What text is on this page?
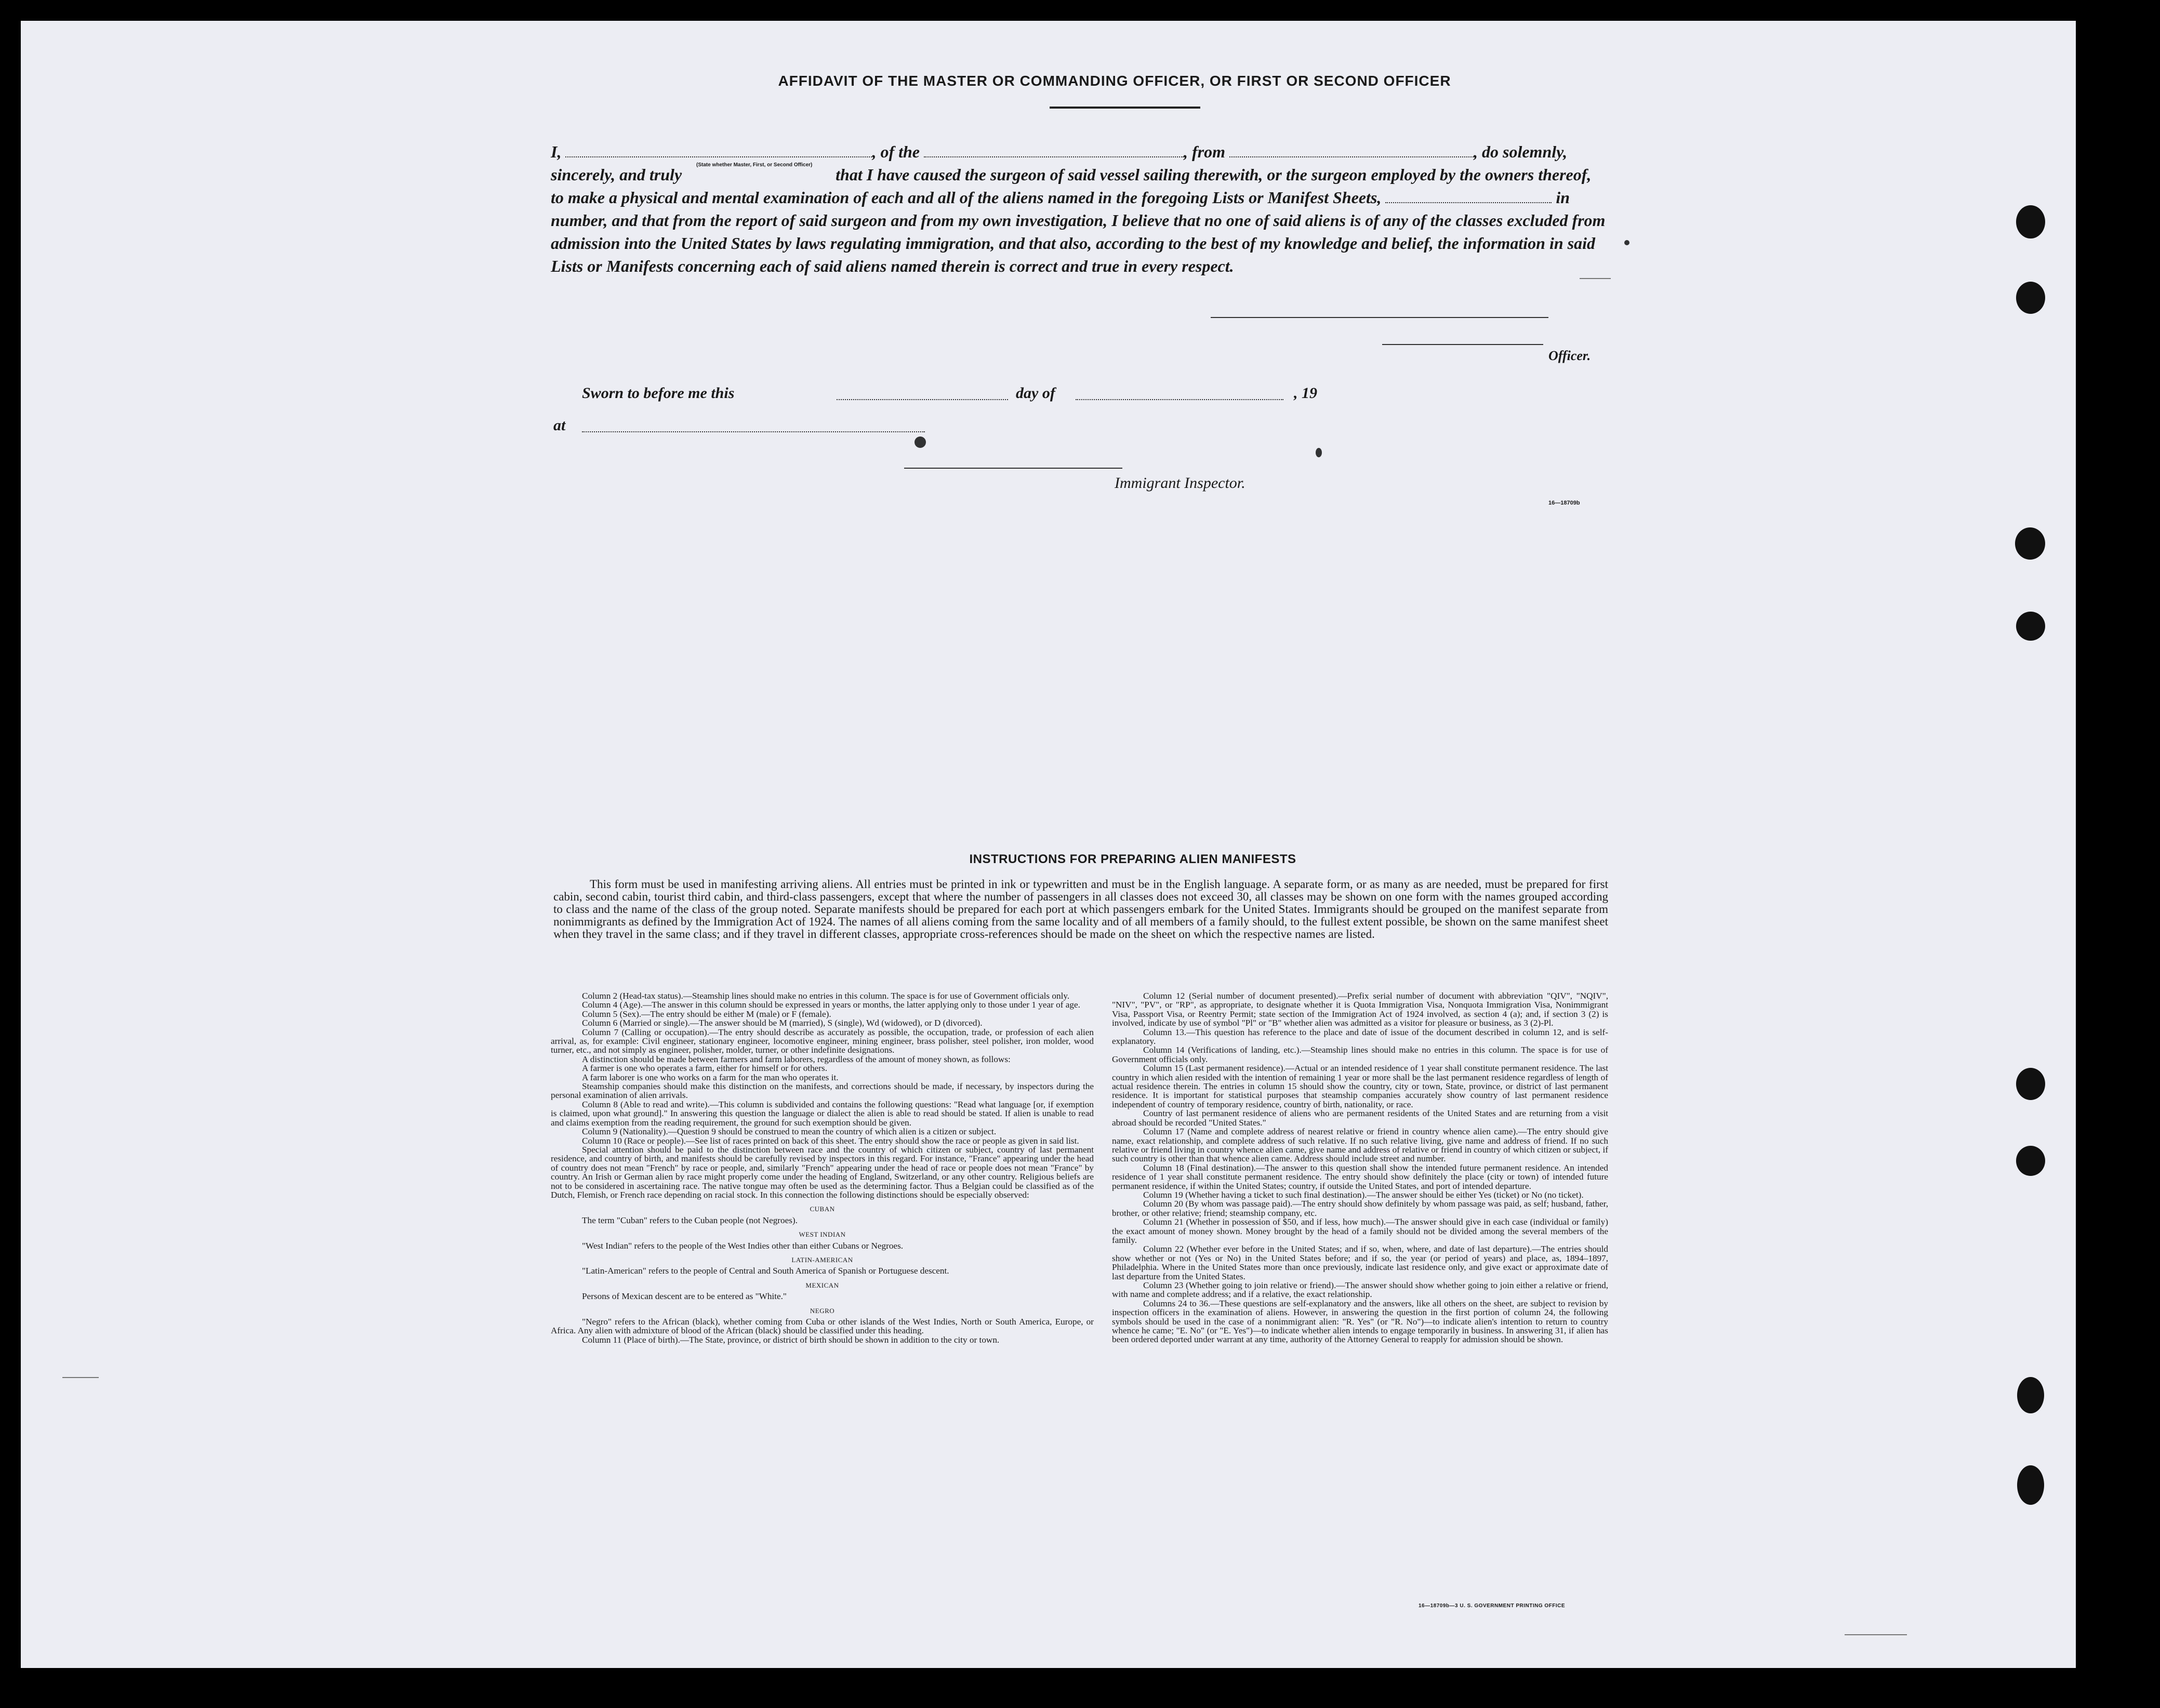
AFFIDAVIT OF THE MASTER OR COMMANDING OFFICER, OR FIRST OR SECOND OFFICER
(State whether Master, First, or Second Officer)
I,	, of the	, from	, do solemnly, sincerely, and truly	that I have caused the surgeon of said vessel sailing therewith, or the surgeon employed by the owners thereof, to make a physical and mental examination of each and all of the aliens named in the foregoing Lists or Manifest Sheets,	in number, and that from the report of said surgeon and from my own investigation, I believe that no one of said aliens is of any of the classes excluded from admission into the United States by laws regulating immigration, and that also, according to the best of my knowledge and belief, the information in said Lists or Manifests concerning each of said aliens named therein is correct and true in every respect.
Officer.
Sworn to before me this	day of	, 19
at
Immigrant Inspector.
16—18709b
INSTRUCTIONS FOR PREPARING ALIEN MANIFESTS
This form must be used in manifesting arriving aliens. All entries must be printed in ink or typewritten and must be in the English language. A separate form, or as many as are needed, must be prepared for first cabin, second cabin, tourist third cabin, and third-class passengers, except that where the number of passengers in all classes does not exceed 30, all classes may be shown on one form with the names grouped according to class and the name of the class of the group noted. Separate manifests should be prepared for each port at which passengers embark for the United States. Immigrants should be grouped on the manifest separate from nonimmigrants as defined by the Immigration Act of 1924. The names of all aliens coming from the same locality and of all members of a family should, to the fullest extent possible, be shown on the same manifest sheet when they travel in the same class; and if they travel in different classes, appropriate cross-references should be made on the sheet on which the respective names are listed.

Column 2 (Head-tax status).—Steamship lines should make no entries in this column. The space is for use of Government officials only.

Column 4 (Age).—The answer in this column should be expressed in years or months, the latter applying only to those under 1 year of age.

Column 5 (Sex).—The entry should be either M (male) or F (female).

Column 6 (Married or single).—The answer should be M (married), S (single), Wd (widowed), or D (divorced).

Column 7 (Calling or occupation).—The entry should describe as accurately as possible, the occupation, trade, or profession of each alien arrival, as, for example: Civil engineer, stationary engineer, locomotive engineer, mining engineer, brass polisher, steel polisher, iron molder, wood turner, etc., and not simply as engineer, polisher, molder, turner, or other indefinite designations.

A distinction should be made between farmers and farm laborers, regardless of the amount of money shown, as follows:

A farmer is one who operates a farm, either for himself or for others.

A farm laborer is one who works on a farm for the man who operates it.

Steamship companies should make this distinction on the manifests, and corrections should be made, if necessary, by inspectors during the personal examination of alien arrivals.

Column 8 (Able to read and write).—This column is subdivided and contains the following questions: "Read what language [or, if exemption is claimed, upon what ground]." In answering this question the language or dialect the alien is able to read should be stated. If alien is unable to read and claims exemption from the reading requirement, the ground for such exemption should be given.

Column 9 (Nationality).—Question 9 should be construed to mean the country of which alien is a citizen or subject.

Column 10 (Race or people).—See list of races printed on back of this sheet. The entry should show the race or people as given in said list.

Special attention should be paid to the distinction between race and the country of which citizen or subject, country of last permanent residence, and country of birth, and manifests should be carefully revised by inspectors in this regard. For instance, "France" appearing under the head of country does not mean "French" by race or people, and, similarly "French" appearing under the head of race or people does not mean "France" by country. An Irish or German alien by race might properly come under the heading of England, Switzerland, or any other country. Religious beliefs are not to be considered in ascertaining race. The native tongue may often be used as the determining factor. Thus a Belgian could be classified as of the Dutch, Flemish, or French race depending on racial stock. In this connection the following distinctions should be especially observed:

CUBAN

The term "Cuban" refers to the Cuban people (not Negroes).

WEST INDIAN

"West Indian" refers to the people of the West Indies other than either Cubans or Negroes.

LATIN-AMERICAN

"Latin-American" refers to the people of Central and South America of Spanish or Portuguese descent.

MEXICAN

Persons of Mexican descent are to be entered as "White."

NEGRO

"Negro" refers to the African (black), whether coming from Cuba or other islands of the West Indies, North or South America, Europe, or Africa. Any alien with admixture of blood of the African (black) should be classified under this heading.

Column 11 (Place of birth).—The State, province, or district of birth should be shown in addition to the city or town.

Column 12 (Serial number of document presented).—Prefix serial number of document with abbreviation "QIV", "NQIV", "NIV", "PV", or "RP", as appropriate, to designate whether it is Quota Immigration Visa, Nonquota Immigration Visa, Nonimmigrant Visa, Passport Visa, or Reentry Permit; state section of the Immigration Act of 1924 involved, as section 4 (a); and, if section 3 (2) is involved, indicate by use of symbol "Pl" or "B" whether alien was admitted as a visitor for pleasure or business, as 3 (2)-Pl.

Column 13.—This question has reference to the place and date of issue of the document described in column 12, and is self-explanatory.

Column 14 (Verifications of landing, etc.).—Steamship lines should make no entries in this column. The space is for use of Government officials only.

Column 15 (Last permanent residence).—Actual or an intended residence of 1 year shall constitute permanent residence. The last country in which alien resided with the intention of remaining 1 year or more shall be the last permanent residence regardless of length of actual residence therein. The entries in column 15 should show the country, city or town, State, province, or district of last permanent residence. It is important for statistical purposes that steamship companies accurately show country of last permanent residence independent of country of temporary residence, country of birth, nationality, or race.

Country of last permanent residence of aliens who are permanent residents of the United States and are returning from a visit abroad should be recorded "United States."

Column 17 (Name and complete address of nearest relative or friend in country whence alien came).—The entry should give name, exact relationship, and complete address of such relative. If no such relative living, give name and address of friend. If no such relative or friend living in country whence alien came, give name and address of relative or friend in country of which citizen or subject, if such country is other than that whence alien came. Address should include street and number.

Column 18 (Final destination).—The answer to this question shall show the intended future permanent residence. An intended residence of 1 year shall constitute permanent residence. The entry should show definitely the place (city or town) of intended future permanent residence, if within the United States; country, if outside the United States, and port of intended departure.

Column 19 (Whether having a ticket to such final destination).—The answer should be either Yes (ticket) or No (no ticket).

Column 20 (By whom was passage paid).—The entry should show definitely by whom passage was paid, as self; husband, father, brother, or other relative; friend; steamship company, etc.

Column 21 (Whether in possession of $50, and if less, how much).—The answer should give in each case (individual or family) the exact amount of money shown. Money brought by the head of a family should not be divided among the several members of the family.

Column 22 (Whether ever before in the United States; and if so, when, where, and date of last departure).—The entries should show whether or not (Yes or No) in the United States before; and if so, the year (or period of years) and place, as, 1894–1897, Philadelphia. Where in the United States more than once previously, indicate last residence only, and give exact or approximate date of last departure from the United States.

Column 23 (Whether going to join relative or friend).—The answer should show whether going to join either a relative or friend, with name and complete address; and if a relative, the exact relationship.

Columns 24 to 36.—These questions are self-explanatory and the answers, like all others on the sheet, are subject to revision by inspection officers in the examination of aliens. However, in answering the question in the first portion of column 24, the following symbols should be used in the case of a nonimmigrant alien: "R. Yes" (or "R. No")—to indicate alien's intention to return to country whence he came; "E. No" (or "E. Yes")—to indicate whether alien intends to engage temporarily in business. In answering 31, if alien has been ordered deported under warrant at any time, authority of the Attorney General to reapply for admission should be shown.

16—18709b—3 U. S. GOVERNMENT PRINTING OFFICE
